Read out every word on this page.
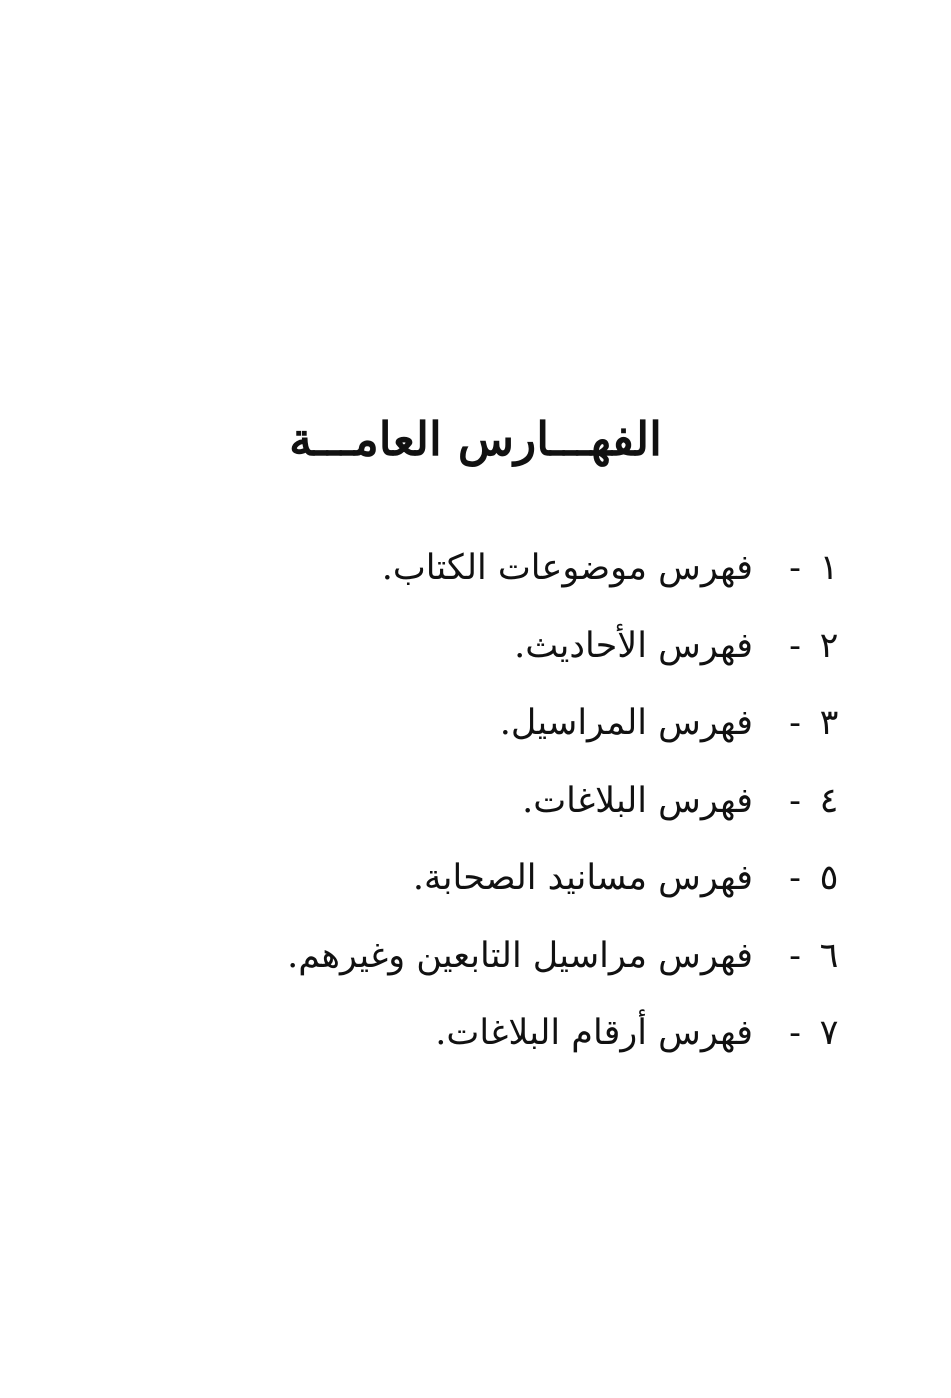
الفهـــارس العامـــة
١
-
فهرس موضوعات الكتاب.
٢
-
فهرس الأحاديث.
٣
-
فهرس المراسيل.
٤
-
فهرس البلاغات.
٥
-
فهرس مسانيد الصحابة.
٦
-
فهرس مراسيل التابعين وغيرهم.
٧
-
فهرس أرقام البلاغات.
